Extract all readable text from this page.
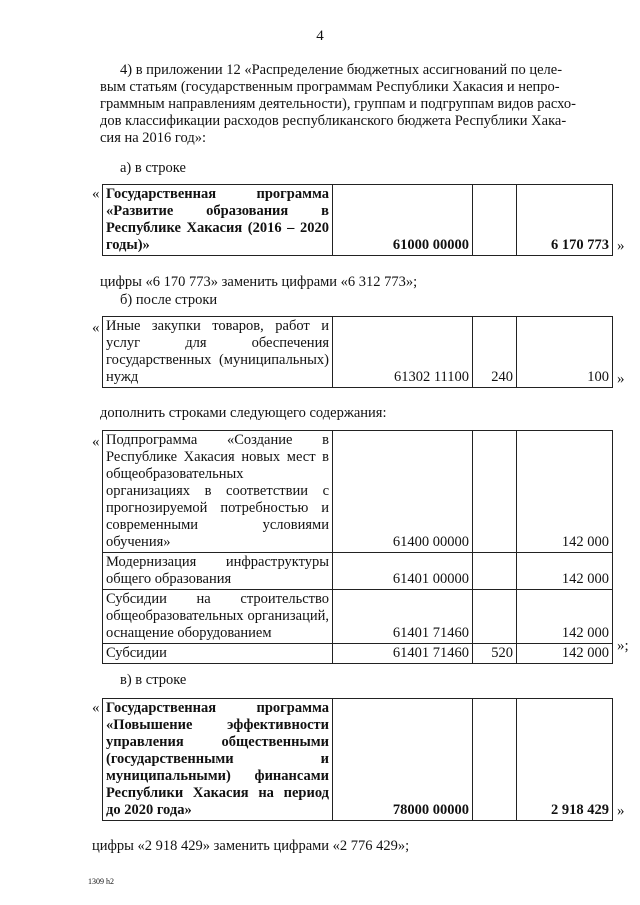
4
4) в приложении 12 «Распределение бюджетных ассигнований по целе-
вым статьям (государственным программам Республики Хакасия и непро-
граммным направлениям деятельности), группам и подгруппам видов расхо-
дов классификации расходов республиканского бюджета Республики Хака-
сия на 2016 год»:
а) в строке
« Государственная программа «Развитие образования в Республике Хакасия (2016 – 2020 годы)»	61000 00000		6 170 773 »
цифры «6 170 773» заменить цифрами «6 312 773»;
б) после строки
« Иные закупки товаров, работ и услуг для обеспечения государственных (муниципальных) нужд	61302 11100	240	100 »
дополнить строками следующего содержания:
« Подпрограмма «Создание в Республике Хакасия новых мест в общеобразовательных организациях в соответствии с прогнозируемой потребностью и современными условиями обучения»	61400 00000		142 000
Модернизация инфраструктуры общего образования	61401 00000		142 000
Субсидии на строительство общеобразовательных организаций, оснащение оборудованием	61401 71460		142 000
Субсидии	61401 71460	520	142 000 »;
в) в строке
« Государственная программа «Повышение эффективности управления общественными (государственными и муниципальными) финансами Республики Хакасия на период до 2020 года»	78000 00000		2 918 429 »
цифры «2 918 429» заменить цифрами «2 776 429»;
1309 h2
